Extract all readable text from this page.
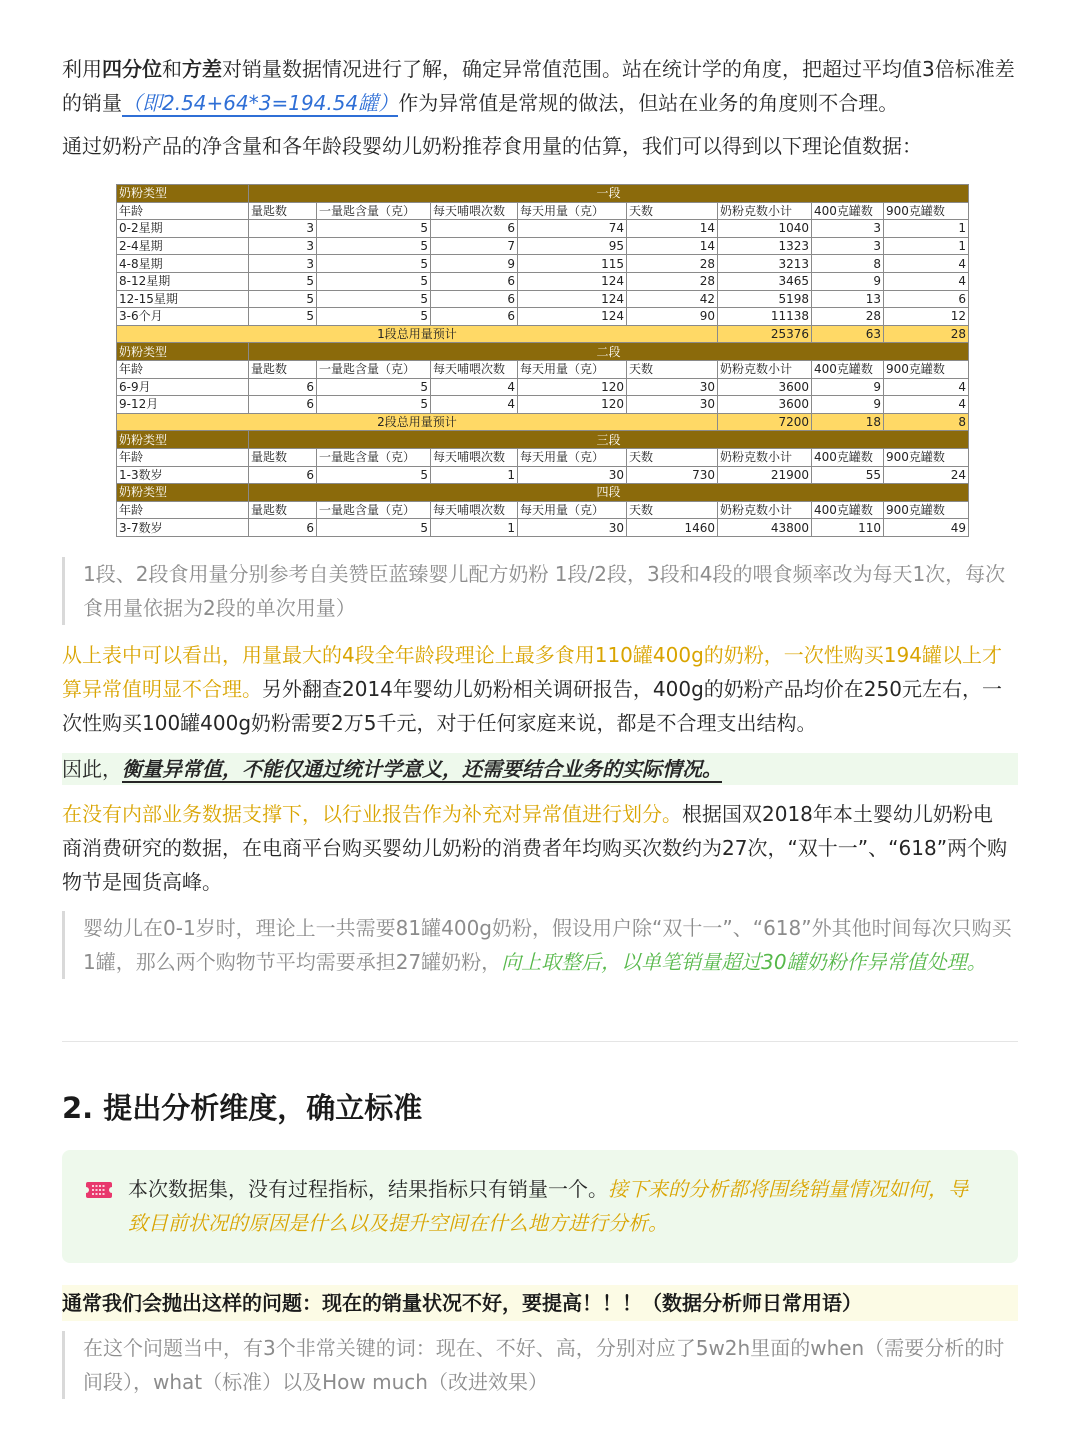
利用四分位和方差对销量数据情况进行了解，确定异常值范围。站在统计学的角度，把超过平均值3倍标准差的销量（即2.54+64*3=194.54罐）作为异常值是常规的做法，但站在业务的角度则不合理。

通过奶粉产品的净含量和各年龄段婴幼儿奶粉推荐食用量的估算，我们可以得到以下理论值数据：

奶粉类型	一段							
年龄	量匙数	一量匙含量（克）	每天哺喂次数	每天用量（克）	天数	奶粉克数小计	400克罐数	900克罐数
0-2星期	3	5	6	74	14	1040	3	1
2-4星期	3	5	7	95	14	1323	3	1
4-8星期	3	5	9	115	28	3213	8	4
8-12星期	5	5	6	124	28	3465	9	4
12-15星期	5	5	6	124	42	5198	13	6
3-6个月	5	5	6	124	90	11138	28	12
1段总用量预计						25376	63	28
奶粉类型	二段							
年龄	量匙数	一量匙含量（克）	每天哺喂次数	每天用量（克）	天数	奶粉克数小计	400克罐数	900克罐数
6-9月	6	5	4	120	30	3600	9	4
9-12月	6	5	4	120	30	3600	9	4
2段总用量预计						7200	18	8
奶粉类型	三段							
年龄	量匙数	一量匙含量（克）	每天哺喂次数	每天用量（克）	天数	奶粉克数小计	400克罐数	900克罐数
1-3数岁	6	5	1	30	730	21900	55	24
奶粉类型	四段							
年龄	量匙数	一量匙含量（克）	每天哺喂次数	每天用量（克）	天数	奶粉克数小计	400克罐数	900克罐数
3-7数岁	6	5	1	30	1460	43800	110	49
1段、2段食用量分别参考自美赞臣蓝臻婴儿配方奶粉 1段/2段，3段和4段的喂食频率改为每天1次，每次食用量依据为2段的单次用量）

从上表中可以看出，用量最大的4段全年龄段理论上最多食用110罐400g的奶粉，一次性购买194罐以上才算异常值明显不合理。另外翻查2014年婴幼儿奶粉相关调研报告，400g的奶粉产品均价在250元左右，一次性购买100罐400g奶粉需要2万5千元，对于任何家庭来说，都是不合理支出结构。

因此，衡量异常值，不能仅通过统计学意义，还需要结合业务的实际情况。

在没有内部业务数据支撑下，以行业报告作为补充对异常值进行划分。根据国双2018年本土婴幼儿奶粉电商消费研究的数据，在电商平台购买婴幼儿奶粉的消费者年均购买次数约为27次，“双十一”、“618”两个购物节是囤货高峰。

婴幼儿在0-1岁时，理论上一共需要81罐400g奶粉，假设用户除“双十一”、“618”外其他时间每次只购买1罐，那么两个购物节平均需要承担27罐奶粉，向上取整后，以单笔销量超过30罐奶粉作异常值处理。
2. 提出分析维度，确立标准
本次数据集，没有过程指标，结果指标只有销量一个。接下来的分析都将围绕销量情况如何，导致目前状况的原因是什么以及提升空间在什么地方进行分析。

通常我们会抛出这样的问题：现在的销量状况不好，要提高！！！（数据分析师日常用语）

在这个问题当中，有3个非常关键的词：现在、不好、高，分别对应了5w2h里面的when（需要分析的时间段），what（标准）以及How much（改进效果）
